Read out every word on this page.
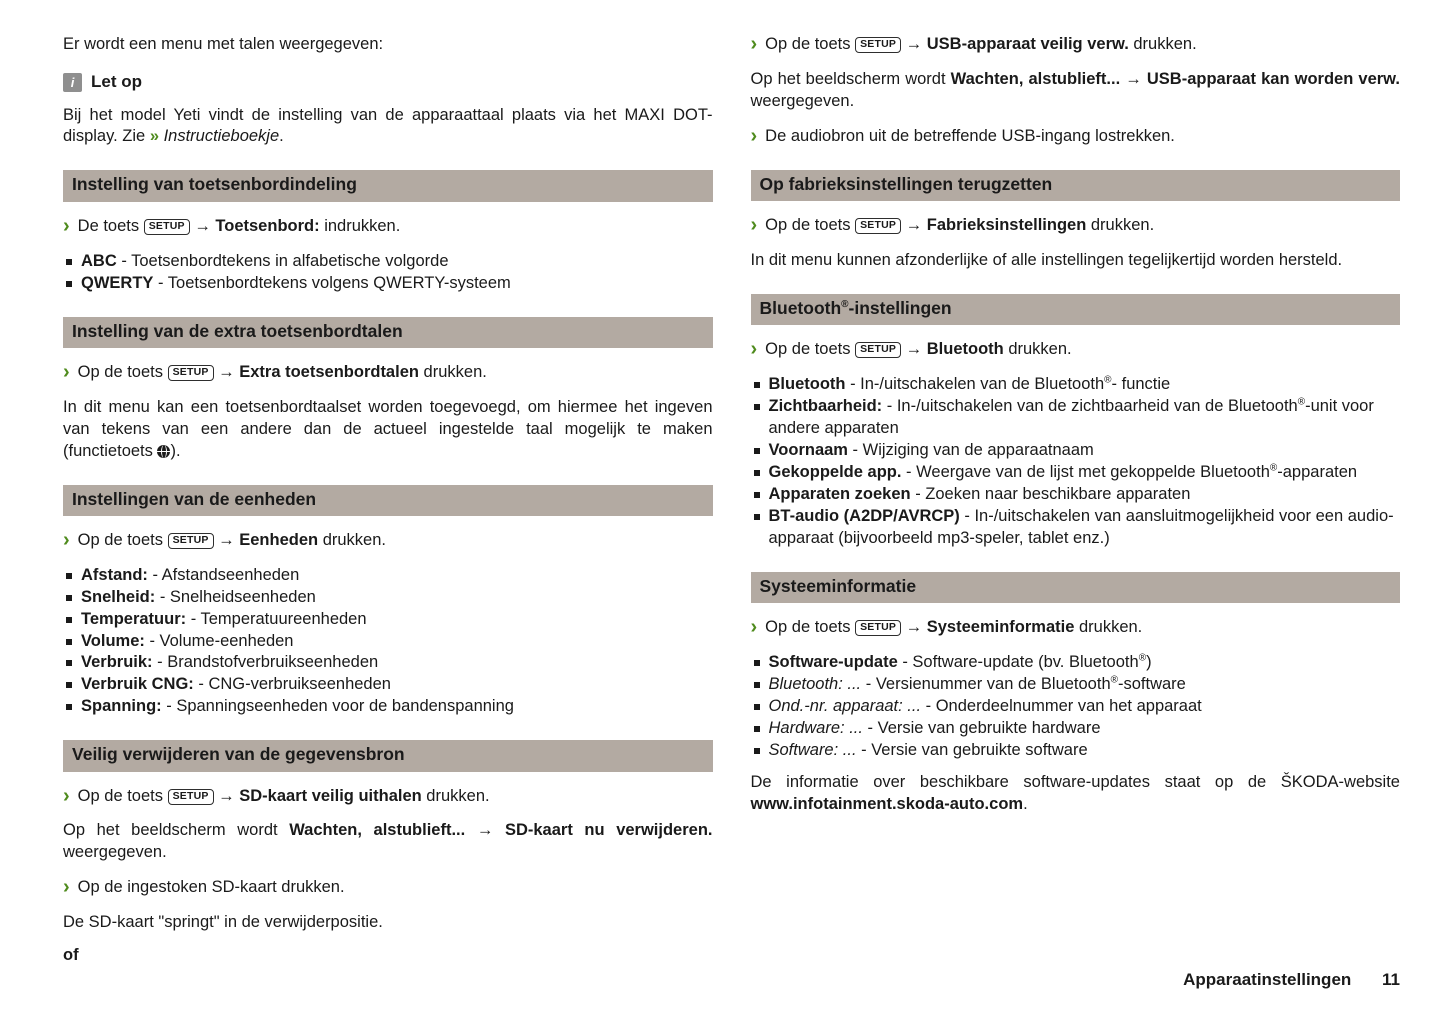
Er wordt een menu met talen weergegeven:
i Let op
Bij het model Yeti vindt de instelling van de apparaattaal plaats via het MAXI DOT-display. Zie » Instructieboekje.
Instelling van toetsenbordindeling
› De toets SETUP → Toetsenbord: indrukken.
ABC - Toetsenbordtekens in alfabetische volgorde
QWERTY - Toetsenbordtekens volgens QWERTY-systeem
Instelling van de extra toetsenbordtalen
› Op de toets SETUP → Extra toetsenbordtalen drukken.
In dit menu kan een toetsenbordtaalset worden toegevoegd, om hiermee het ingeven van tekens van een andere dan de actueel ingestelde taal mogelijk te maken (functietoets ).
Instellingen van de eenheden
› Op de toets SETUP → Eenheden drukken.
Afstand: - Afstandseenheden
Snelheid: - Snelheidseenheden
Temperatuur: - Temperatuureenheden
Volume: - Volume-eenheden
Verbruik: - Brandstofverbruikseenheden
Verbruik CNG: - CNG-verbruikseenheden
Spanning: - Spanningseenheden voor de bandenspanning
Veilig verwijderen van de gegevensbron
› Op de toets SETUP → SD-kaart veilig uithalen drukken.
Op het beeldscherm wordt Wachten, alstublieft... → SD-kaart nu verwijderen. weergegeven.
› Op de ingestoken SD-kaart drukken.
De SD-kaart "springt" in de verwijderpositie.
of
› Op de toets SETUP → USB-apparaat veilig verw. drukken.
Op het beeldscherm wordt Wachten, alstublieft... → USB-apparaat kan worden verw. weergegeven.
› De audiobron uit de betreffende USB-ingang lostrekken.
Op fabrieksinstellingen terugzetten
› Op de toets SETUP → Fabrieksinstellingen drukken.
In dit menu kunnen afzonderlijke of alle instellingen tegelijkertijd worden hersteld.
Bluetooth®-instellingen
› Op de toets SETUP → Bluetooth drukken.
Bluetooth - In-/uitschakelen van de Bluetooth®- functie
Zichtbaarheid: - In-/uitschakelen van de zichtbaarheid van de Bluetooth®-unit voor andere apparaten
Voornaam - Wijziging van de apparaatnaam
Gekoppelde app. - Weergave van de lijst met gekoppelde Bluetooth®-apparaten
Apparaten zoeken - Zoeken naar beschikbare apparaten
BT-audio (A2DP/AVRCP) - In-/uitschakelen van aansluitmogelijkheid voor een audio-apparaat (bijvoorbeeld mp3-speler, tablet enz.)
Systeeminformatie
› Op de toets SETUP → Systeeminformatie drukken.
Software-update - Software-update (bv. Bluetooth®)
Bluetooth: ... - Versienummer van de Bluetooth®-software
Ond.-nr. apparaat: ... - Onderdeelnummer van het apparaat
Hardware: ... - Versie van gebruikte hardware
Software: ... - Versie van gebruikte software
De informatie over beschikbare software-updates staat op de ŠKODA-website www.infotainment.skoda-auto.com.
Apparaatinstellingen 11
